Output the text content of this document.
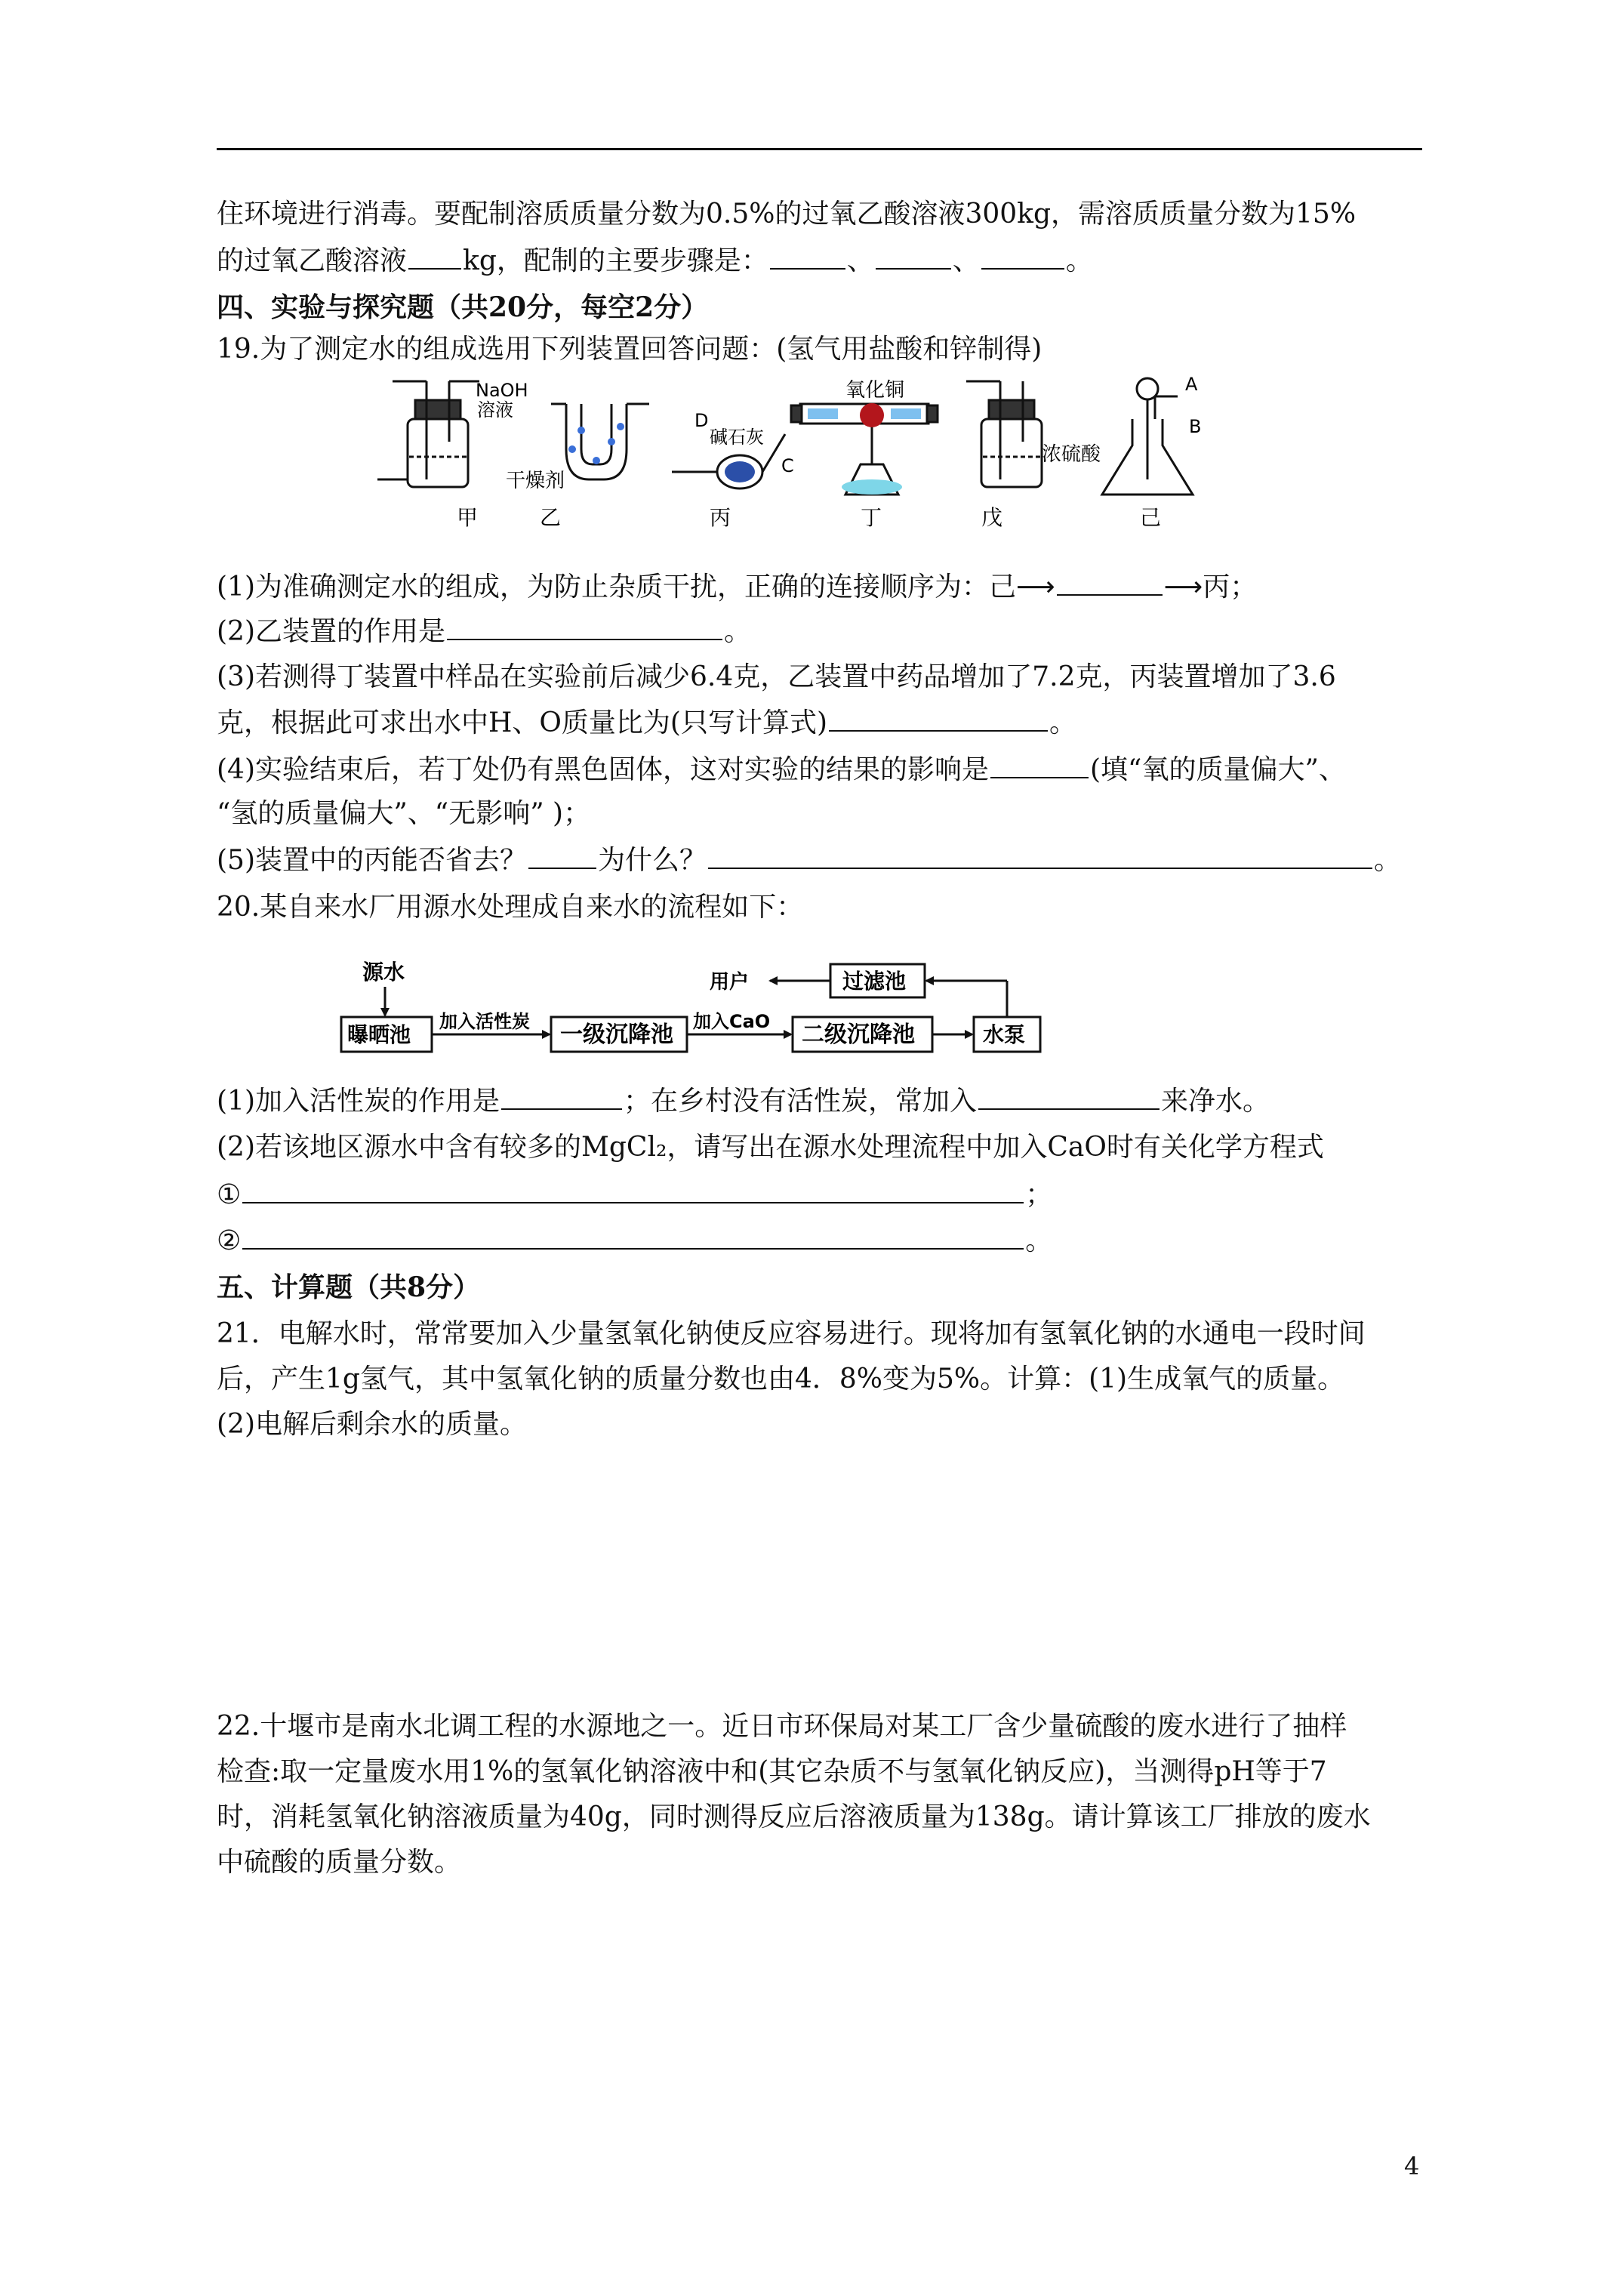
住环境进行消毒。要配制溶质质量分数为0.5%的过氧乙酸溶液300kg，需溶质质量分数为15%
的过氧乙酸溶液 kg，配制的主要步骤是：	、	、	。
四、实验与探究题（共20分，每空2分）
19.为了测定水的组成选用下列装置回答问题：(氢气用盐酸和锌制得)
NaOH
溶液
干燥剂
碱石灰
D
C
氧化铜
浓硫酸
A
B
甲	乙	丙	丁	戊	己
(1)为准确测定水的组成，为防止杂质干扰，正确的连接顺序为：己⟶	⟶丙；
(2)乙装置的作用是	。
(3)若测得丁装置中样品在实验前后减少6.4克，乙装置中药品增加了7.2克，丙装置增加了3.6
克，根据此可求出水中H、O质量比为(只写计算式)	。
(4)实验结束后，若丁处仍有黑色固体，这对实验的结果的影响是	(填“氧的质量偏大”、
“氢的质量偏大”、“无影响” )；
(5)装置中的丙能否省去？	为什么？	。
20.某自来水厂用源水处理成自来水的流程如下：
源水	用户	过滤池
曝晒池
加入活性炭 一级沉降池 加入CaO 二级沉降池	水泵
(1)加入活性炭的作用是	；在乡村没有活性炭，常加入	来净水。
(2)若该地区源水中含有较多的MgCl₂，请写出在源水处理流程中加入CaO时有关化学方程式
①	；
②	。
五、计算题（共8分）
21．电解水时，常常要加入少量氢氧化钠使反应容易进行。现将加有氢氧化钠的水通电一段时间
后，产生1g氢气，其中氢氧化钠的质量分数也由4．8%变为5%。计算：(1)生成氧气的质量。
(2)电解后剩余水的质量。
22.十堰市是南水北调工程的水源地之一。近日市环保局对某工厂含少量硫酸的废水进行了抽样
检查:取一定量废水用1%的氢氧化钠溶液中和(其它杂质不与氢氧化钠反应)，当测得pH等于7
时，消耗氢氧化钠溶液质量为40g，同时测得反应后溶液质量为138g。请计算该工厂排放的废水
中硫酸的质量分数。
4
